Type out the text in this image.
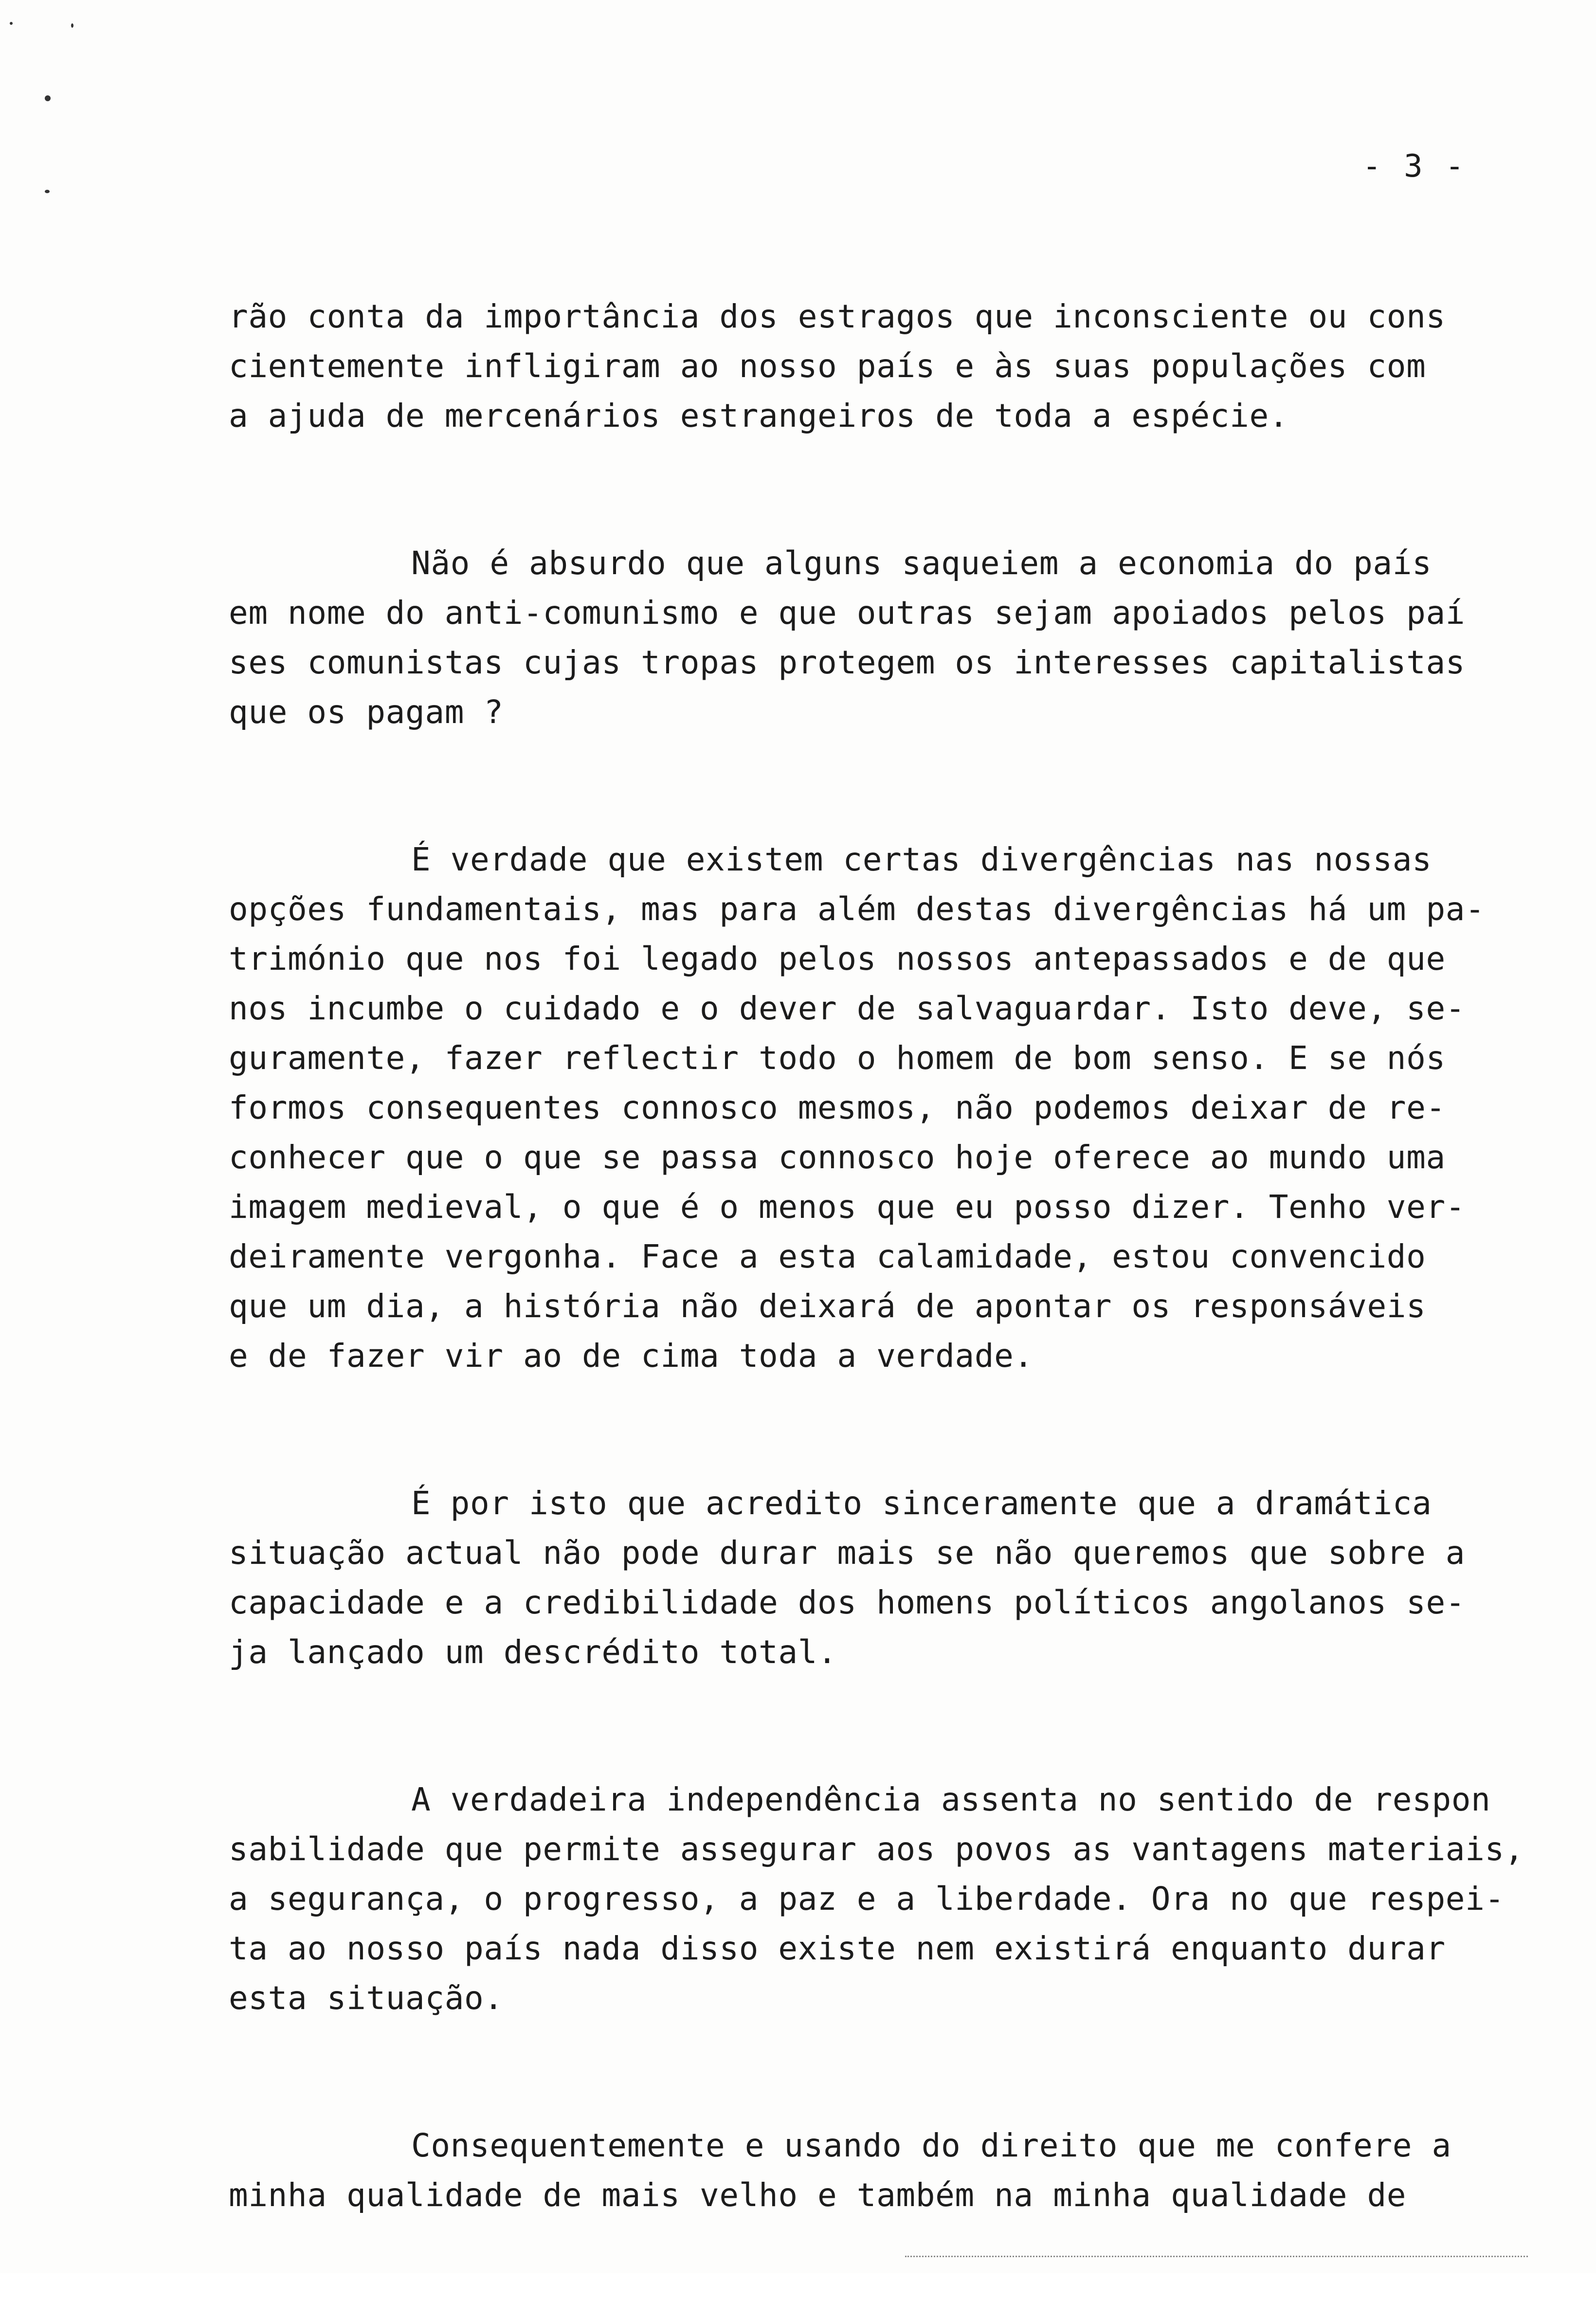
- 3 -
rão conta da importância dos estragos que inconsciente ou cons
cientemente infligiram ao nosso país e às suas populações com
a ajuda de mercenários estrangeiros de toda a espécie.
Não é absurdo que alguns saqueiem a economia do país
em nome do anti-comunismo e que outras sejam apoiados pelos paí
ses comunistas cujas tropas protegem os interesses capitalistas
que os pagam ?
É verdade que existem certas divergências nas nossas
opções fundamentais, mas para além destas divergências há um pa-
trimónio que nos foi legado pelos nossos antepassados e de que
nos incumbe o cuidado e o dever de salvaguardar. Isto deve, se-
guramente, fazer reflectir todo o homem de bom senso. E se nós
formos consequentes connosco mesmos, não podemos deixar de re-
conhecer que o que se passa connosco hoje oferece ao mundo uma
imagem medieval, o que é o menos que eu posso dizer. Tenho ver-
deiramente vergonha. Face a esta calamidade, estou convencido
que um dia, a história não deixará de apontar os responsáveis
e de fazer vir ao de cima toda a verdade.
É por isto que acredito sinceramente que a dramática
situação actual não pode durar mais se não queremos que sobre a
capacidade e a credibilidade dos homens políticos angolanos se-
ja lançado um descrédito total.
A verdadeira independência assenta no sentido de respon
sabilidade que permite assegurar aos povos as vantagens materiais,
a segurança, o progresso, a paz e a liberdade. Ora no que respei-
ta ao nosso país nada disso existe nem existirá enquanto durar
esta situação.
Consequentemente e usando do direito que me confere a
minha qualidade de mais velho e também na minha qualidade de
